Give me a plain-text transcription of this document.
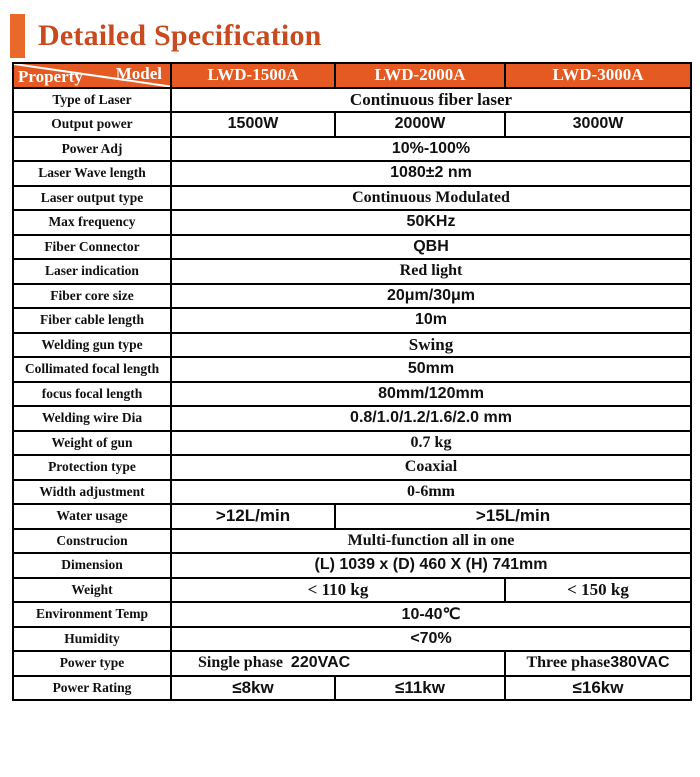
Detailed Specification
Model
Property	LWD-1500A	LWD-2000A	LWD-3000A
Type of Laser	Continuous fiber laser		
Output power	1500W	2000W	3000W
Power Adj	10%-100%		
Laser Wave length	1080±2 nm		
Laser output type	Continuous Modulated		
Max frequency	50KHz		
Fiber Connector	QBH		
Laser indication	Red light		
Fiber core size	20μm/30μm		
Fiber cable length	10m		
Welding gun type	Swing		
Collimated focal length	50mm		
focus focal length	80mm/120mm		
Welding wire Dia	0.8/1.0/1.2/1.6/2.0 mm		
Weight of gun	0.7 kg		
Protection type	Coaxial		
Width adjustment	0-6mm		
Water usage	>12L/min	>15L/min	
Construcion	Multi-function all in one		
Dimension	(L) 1039 x (D) 460 X (H) 741mm		
Weight	< 110 kg		< 150 kg
Environment Temp	10-40℃		
Humidity	<70%		
Power type	Single phase 220VAC		Three phase380VAC
Power Rating	≤8kw	≤11kw	≤16kw
